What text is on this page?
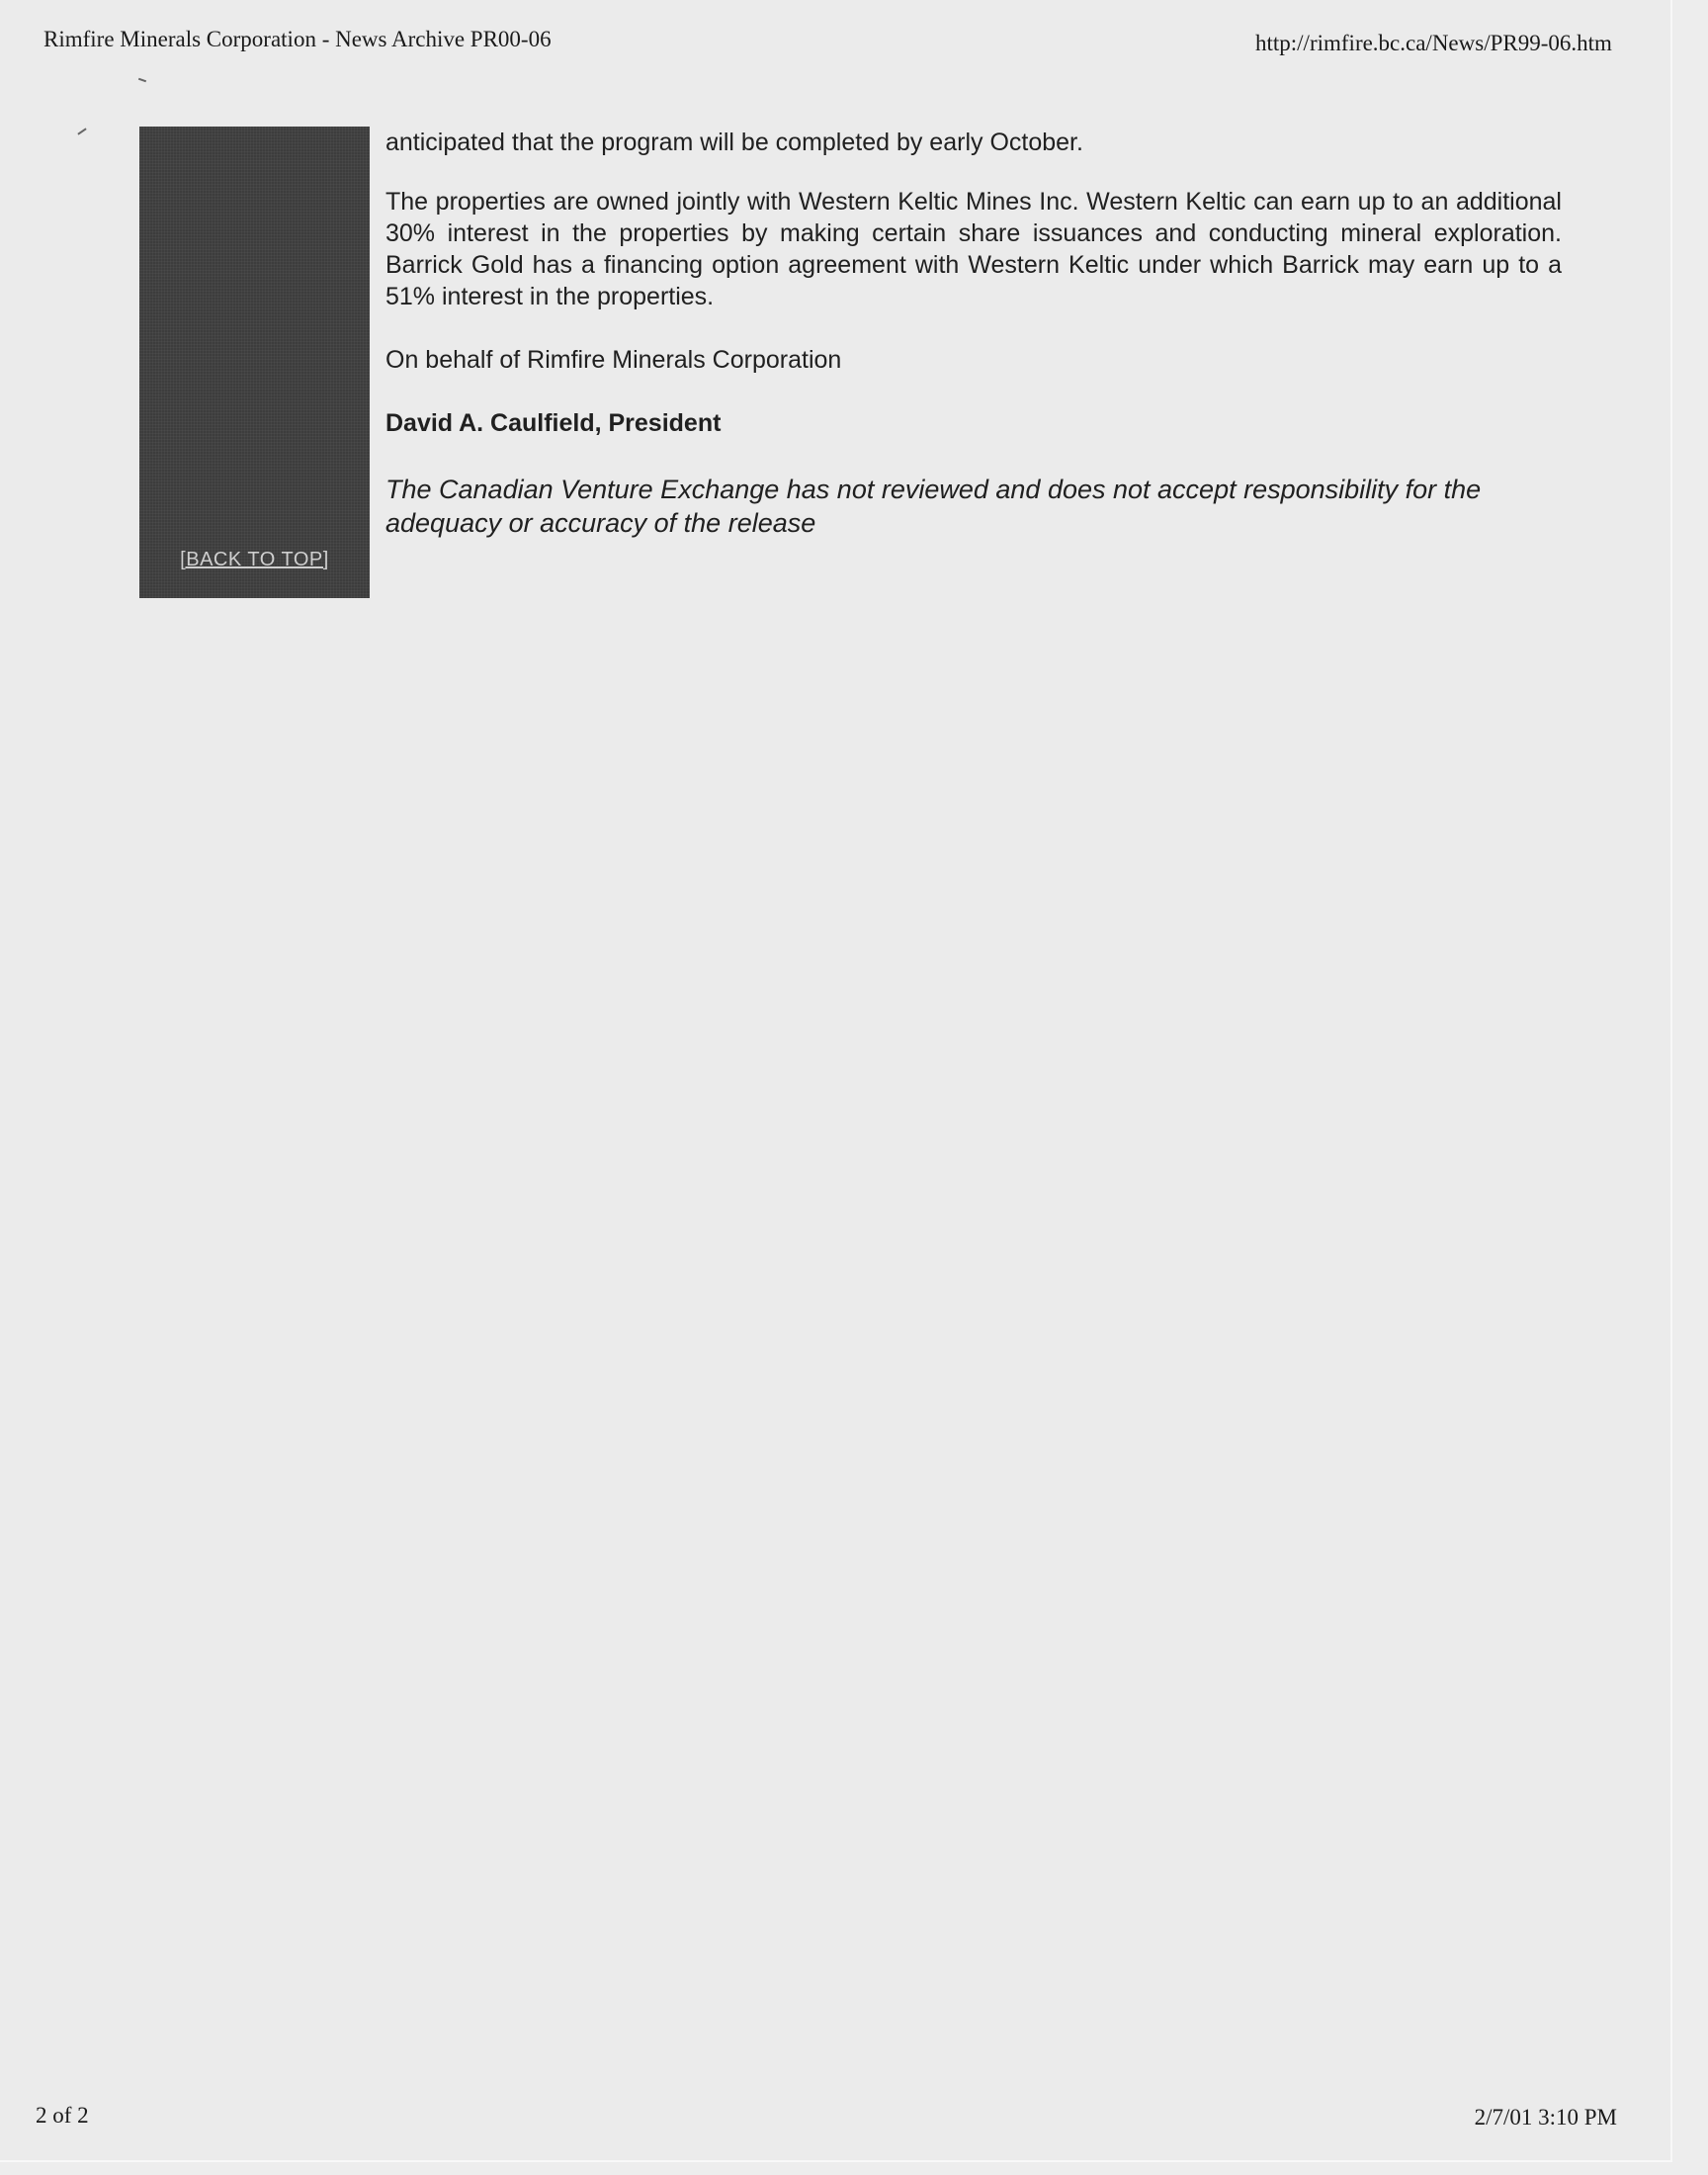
Rimfire Minerals Corporation - News Archive PR00-06	http://rimfire.bc.ca/News/PR99-06.htm
[BACK TO TOP]

anticipated that the program will be completed by early October.

The properties are owned jointly with Western Keltic Mines Inc. Western Keltic can earn up to an additional 30% interest in the properties by making certain share issuances and conducting mineral exploration. Barrick Gold has a financing option agreement with Western Keltic under which Barrick may earn up to a 51% interest in the properties.

On behalf of Rimfire Minerals Corporation

David A. Caulfield, President

The Canadian Venture Exchange has not reviewed and does not accept responsibility for the adequacy or accuracy of the release

2 of 2	2/7/01 3:10 PM
